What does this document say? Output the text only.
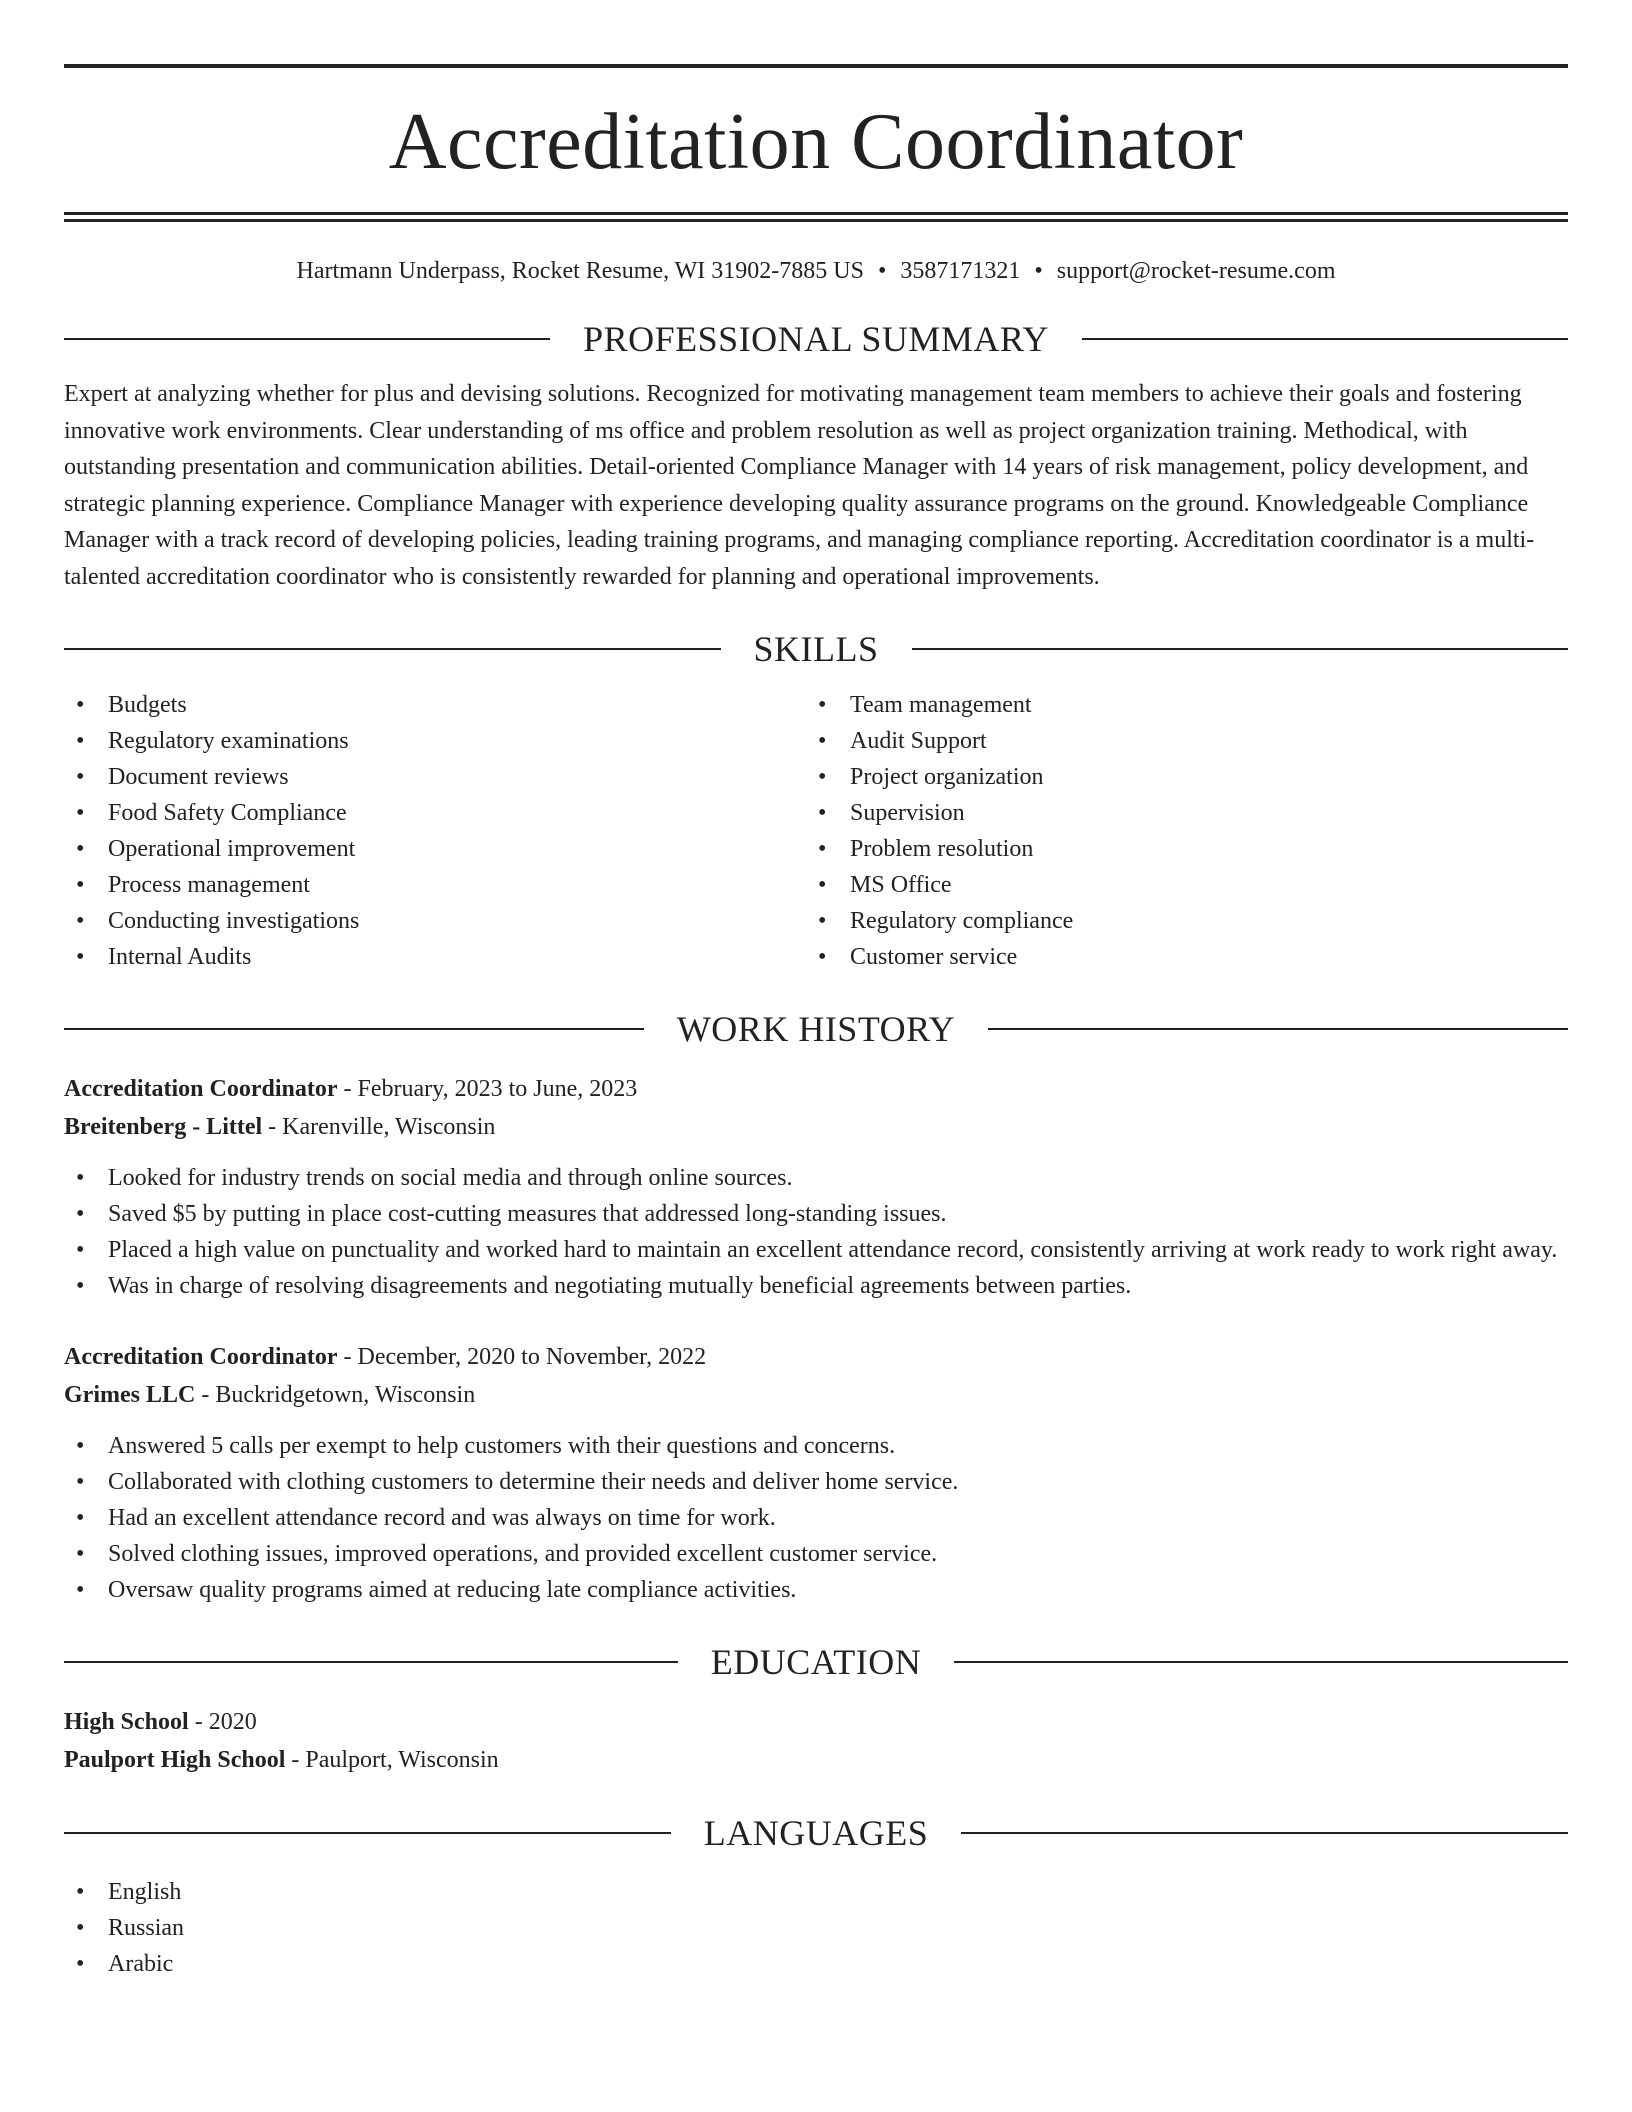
Accreditation Coordinator
Hartmann Underpass, Rocket Resume, WI 31902-7885 US • 3587171321 • support@rocket-resume.com
PROFESSIONAL SUMMARY
Expert at analyzing whether for plus and devising solutions. Recognized for motivating management team members to achieve their goals and fostering innovative work environments. Clear understanding of ms office and problem resolution as well as project organization training. Methodical, with outstanding presentation and communication abilities. Detail-oriented Compliance Manager with 14 years of risk management, policy development, and strategic planning experience. Compliance Manager with experience developing quality assurance programs on the ground. Knowledgeable Compliance Manager with a track record of developing policies, leading training programs, and managing compliance reporting. Accreditation coordinator is a multi-talented accreditation coordinator who is consistently rewarded for planning and operational improvements.
SKILLS
• Budgets
• Regulatory examinations
• Document reviews
• Food Safety Compliance
• Operational improvement
• Process management
• Conducting investigations
• Internal Audits
• Team management
• Audit Support
• Project organization
• Supervision
• Problem resolution
• MS Office
• Regulatory compliance
• Customer service
WORK HISTORY
Accreditation Coordinator - February, 2023 to June, 2023
Breitenberg - Littel - Karenville, Wisconsin
• Looked for industry trends on social media and through online sources.
• Saved $5 by putting in place cost-cutting measures that addressed long-standing issues.
• Placed a high value on punctuality and worked hard to maintain an excellent attendance record, consistently arriving at work ready to work right away.
• Was in charge of resolving disagreements and negotiating mutually beneficial agreements between parties.
Accreditation Coordinator - December, 2020 to November, 2022
Grimes LLC - Buckridgetown, Wisconsin
• Answered 5 calls per exempt to help customers with their questions and concerns.
• Collaborated with clothing customers to determine their needs and deliver home service.
• Had an excellent attendance record and was always on time for work.
• Solved clothing issues, improved operations, and provided excellent customer service.
• Oversaw quality programs aimed at reducing late compliance activities.
EDUCATION
High School - 2020
Paulport High School - Paulport, Wisconsin
LANGUAGES
• English
• Russian
• Arabic
